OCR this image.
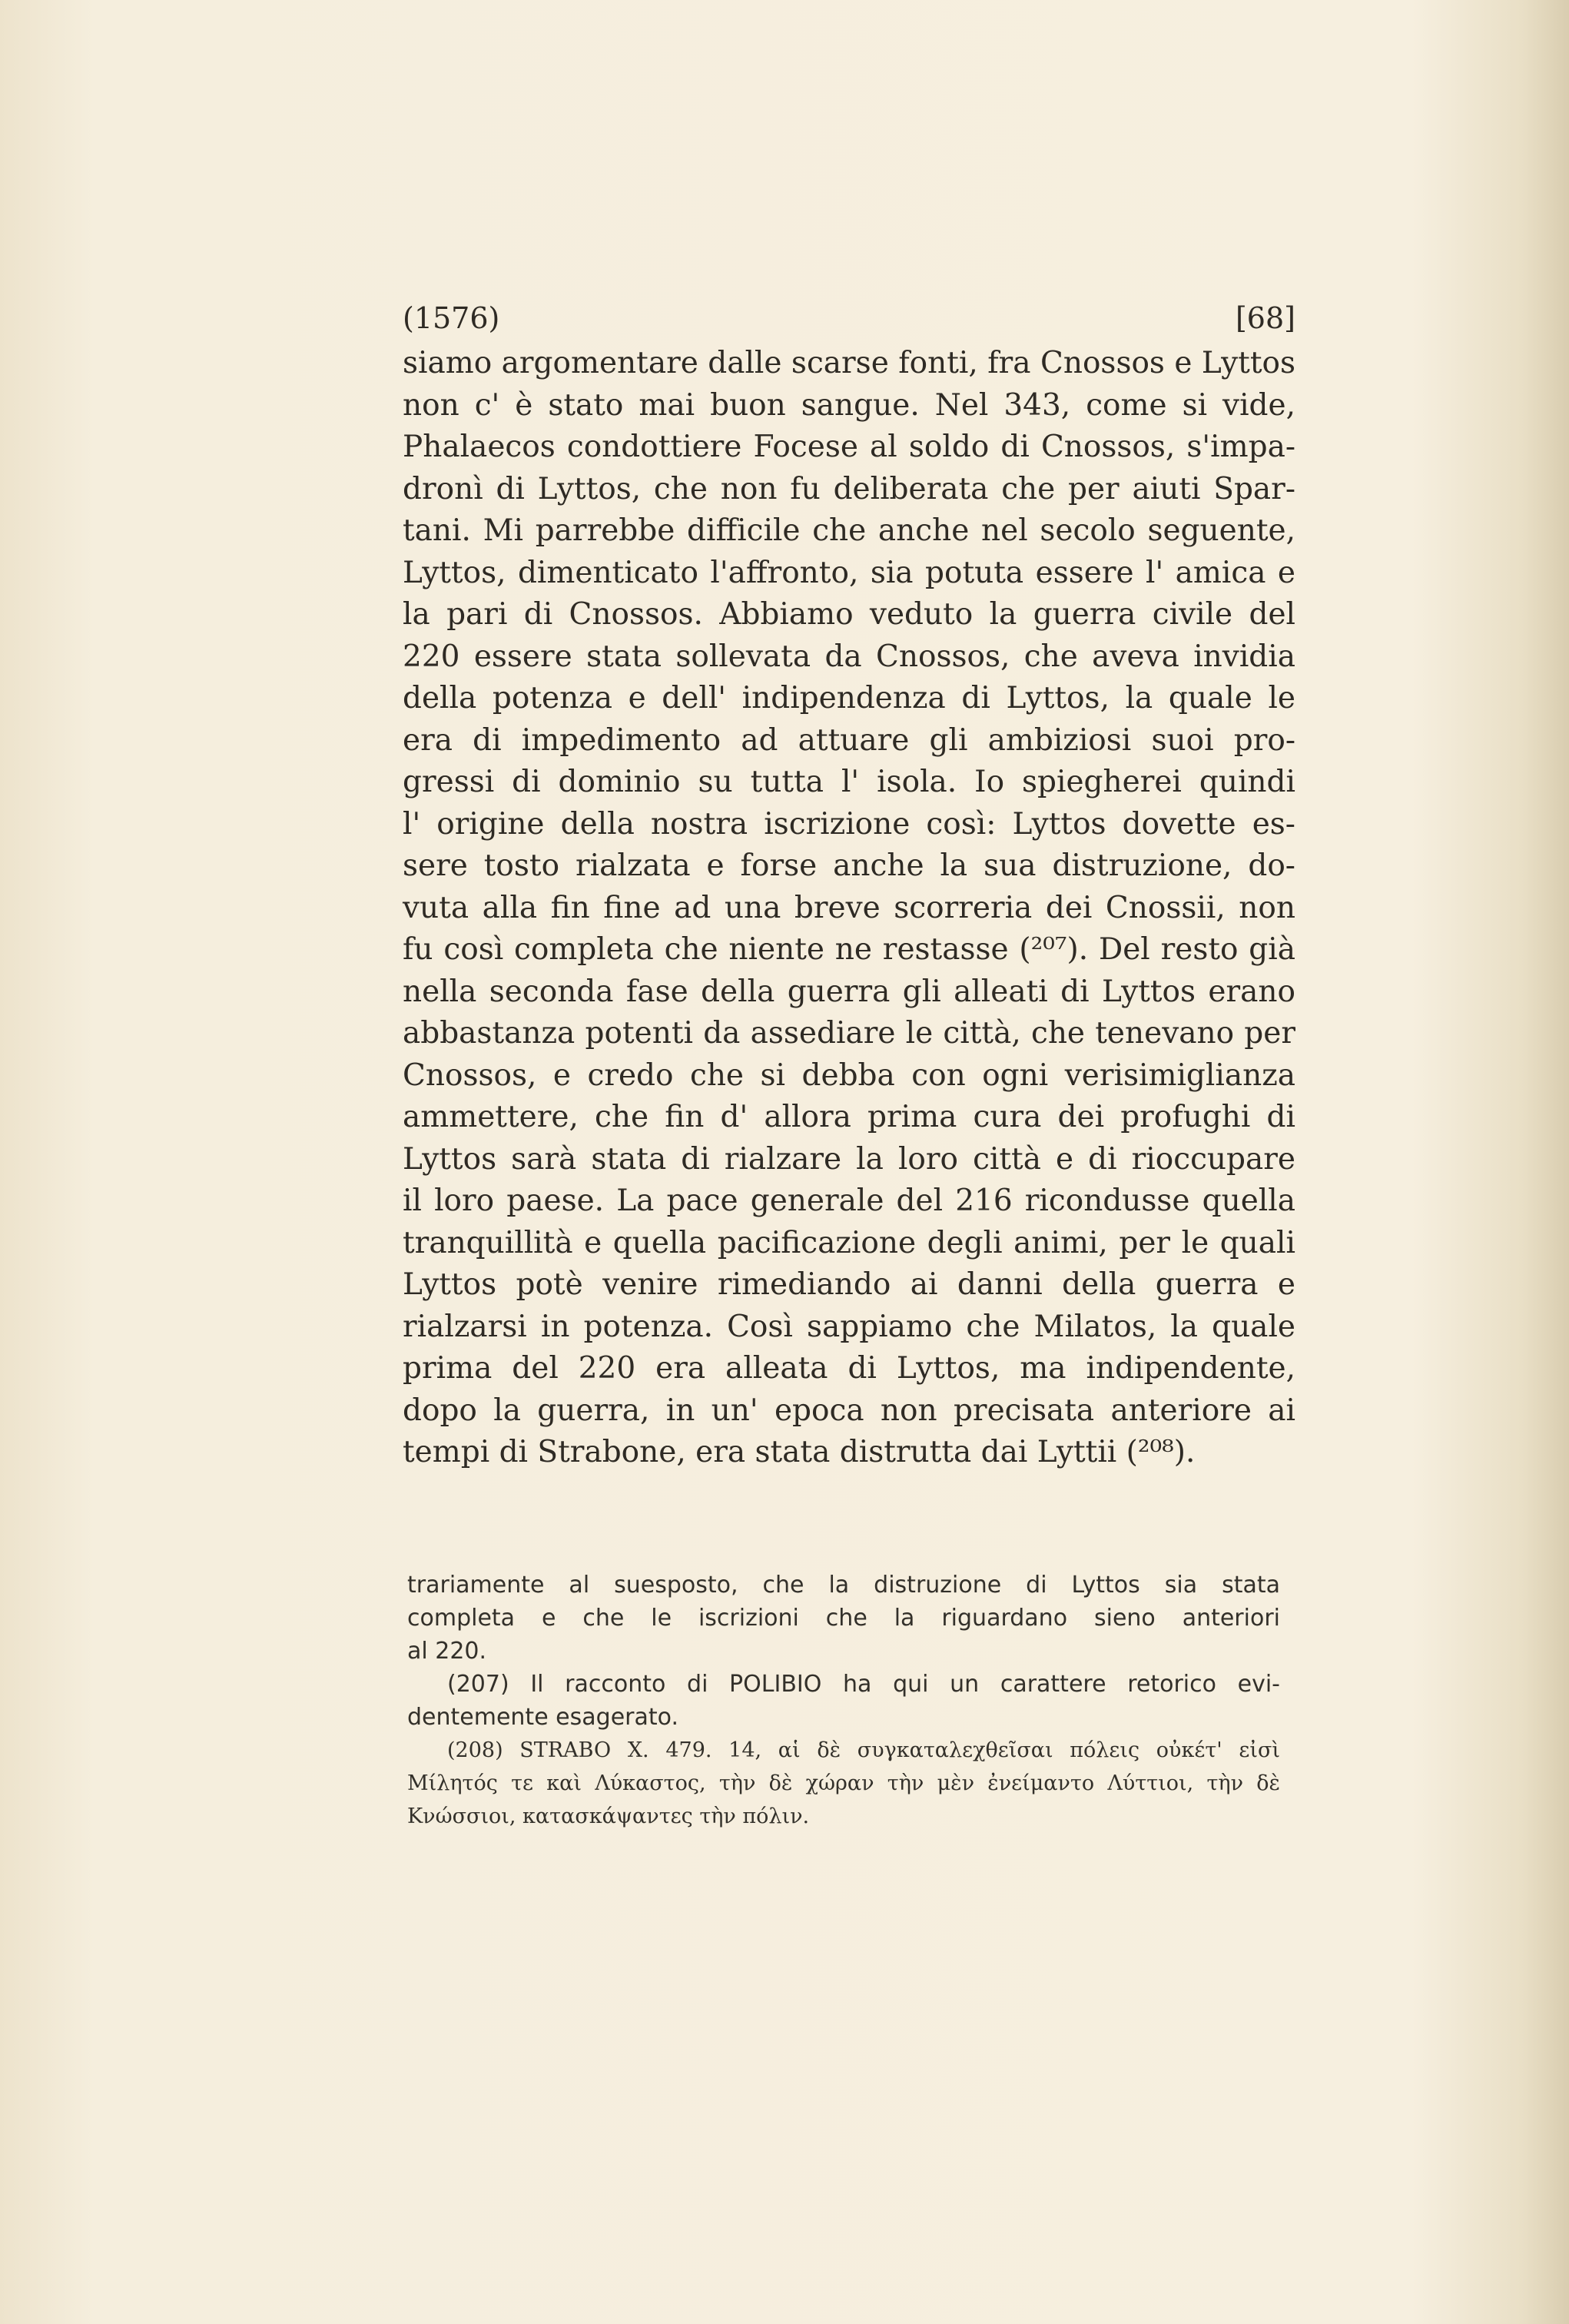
(1576)	[68]
siamo argomentare dalle scarse fonti, fra Cnossos e Lyttos
non c' è stato mai buon sangue. Nel 343, come si vide,
Phalaecos condottiere Focese al soldo di Cnossos, s'impa-
dronì di Lyttos, che non fu deliberata che per aiuti Spar-
tani. Mi parrebbe difficile che anche nel secolo seguente,
Lyttos, dimenticato l'affronto, sia potuta essere l' amica e
la pari di Cnossos. Abbiamo veduto la guerra civile del
220 essere stata sollevata da Cnossos, che aveva invidia
della potenza e dell' indipendenza di Lyttos, la quale le
era di impedimento ad attuare gli ambiziosi suoi pro-
gressi di dominio su tutta l' isola. Io spiegherei quindi
l' origine della nostra iscrizione così: Lyttos dovette es-
sere tosto rialzata e forse anche la sua distruzione, do-
vuta alla fin fine ad una breve scorreria dei Cnossii, non
fu così completa che niente ne restasse (²⁰⁷). Del resto già
nella seconda fase della guerra gli alleati di Lyttos erano
abbastanza potenti da assediare le città, che tenevano per
Cnossos, e credo che si debba con ogni verisimiglianza
ammettere, che fin d' allora prima cura dei profughi di
Lyttos sarà stata di rialzare la loro città e di rioccupare
il loro paese. La pace generale del 216 ricondusse quella
tranquillità e quella pacificazione degli animi, per le quali
Lyttos potè venire rimediando ai danni della guerra e
rialzarsi in potenza. Così sappiamo che Milatos, la quale
prima del 220 era alleata di Lyttos, ma indipendente,
dopo la guerra, in un' epoca non precisata anteriore ai
tempi di Strabone, era stata distrutta dai Lyttii (²⁰⁸).
trariamente al suesposto, che la distruzione di Lyttos sia stata
completa e che le iscrizioni che la riguardano sieno anteriori
al 220.
(207) Il racconto di POLIBIO ha qui un carattere retorico evi-
dentemente esagerato.
(208) STRABO X. 479. 14, αἱ δὲ συγκαταλεχθεῖσαι πόλεις οὐκέτ' εἰσὶ
Μίλητός τε καὶ Λύκαστος, τὴν δὲ χώραν τὴν μὲν ἐνείμαντο Λύττιοι, τὴν δὲ
Κνώσσιοι, κατασκάψαντες τὴν πόλιν.
